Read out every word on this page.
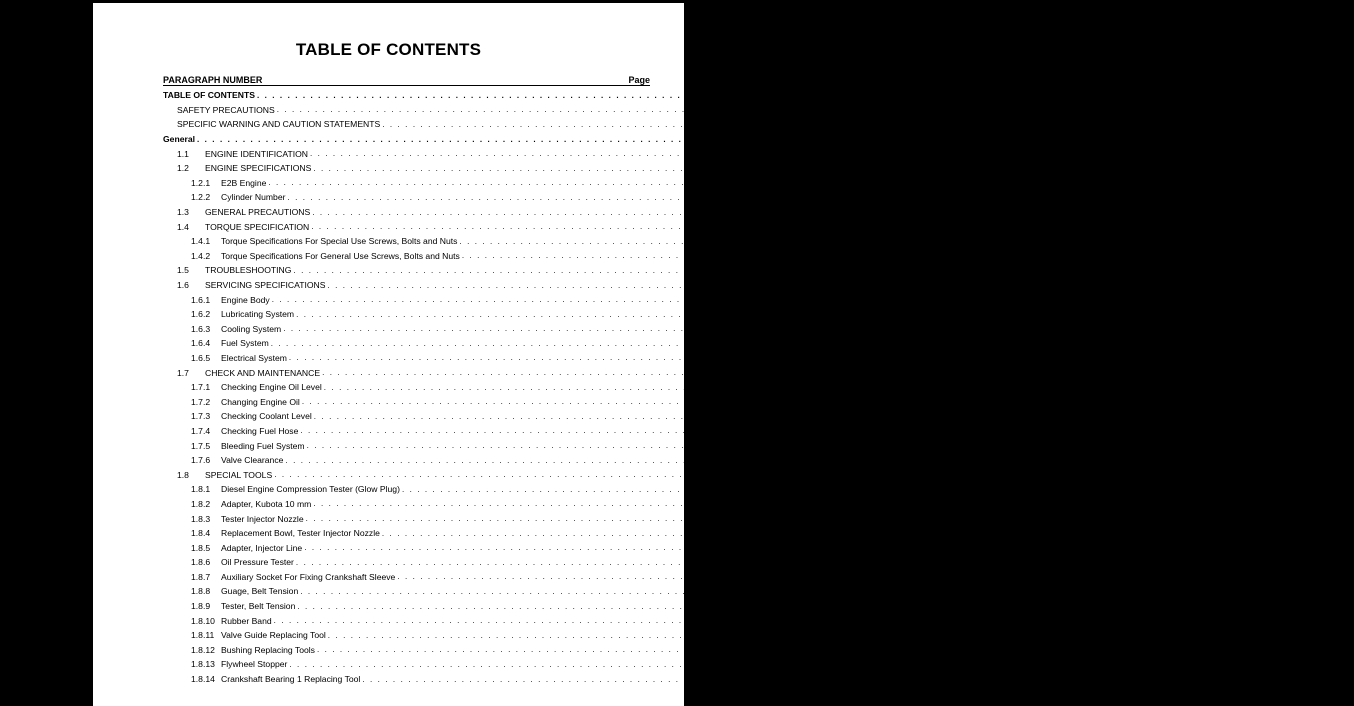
TABLE OF CONTENTS
PARAGRAPH NUMBER	Page
TABLE OF CONTENTS . . . . . . . . . . . . . . . . . . . . . . . . . . . . . . . . . . . . . . . . . . . . . . . . . . . . . . . . . . . . . . . . . . . . . . . . . . . . . . . . . . . . . . . . . . . . . . . . . . . . . . . . . . . . . . . . . . .	i
SAFETY PRECAUTIONS . . . . . . . . . . . . . . . . . . . . . . . . . . . . . . . . . . . . . . . . . . . . . . . . . . . . . . . . . . . . . . . . . . . . . . . . . . . . . . . . . . . . . . . . . . . . . . . . . . . . . . . . . . . . . . . . . . .	i
SPECIFIC WARNING AND CAUTION STATEMENTS . . . . . . . . . . . . . . . . . . . . . . . . . . . . . . . . . . . . . . . . . . . . . . . . . . . . . . . . . . . . . . . . . . . . . . . . . . . . . . . . . . . . . . . . . . . . . . . . . . . . . . . . . . . . . . . . . . .	i
General . . . . . . . . . . . . . . . . . . . . . . . . . . . . . . . . . . . . . . . . . . . . . . . . . . . . . . . . . . . . . . . . . . . . . . . . . . . . . . . . . . . . . . . . . . . . . . . . . . . . . . . . . . . . . . . . . . . 1–1
1.1	ENGINE IDENTIFICATION . . . . . . . . . . . . . . . . . . . . . . . . . . . . . . . . . . . . . . . . . . . . . . . . . . . . . . . . . . . . . . . . . . . . . . . . . . . . . . . . . . . . . . . . . . . . . . . . . . . . . . . . . . . . . . . . . . . 1–1
1.2	ENGINE SPECIFICATIONS . . . . . . . . . . . . . . . . . . . . . . . . . . . . . . . . . . . . . . . . . . . . . . . . . . . . . . . . . . . . . . . . . . . . . . . . . . . . . . . . . . . . . . . . . . . . . . . . . . . . . . . . . . . . . . . . . . . 1–2
1.2.1	E2B Engine . . . . . . . . . . . . . . . . . . . . . . . . . . . . . . . . . . . . . . . . . . . . . . . . . . . . . . . . . . . . . . . . . . . . . . . . . . . . . . . . . . . . . . . . . . . . . . . . . . . . . . . . . . . . . . . . . . . 1–3
1.2.2	Cylinder Number . . . . . . . . . . . . . . . . . . . . . . . . . . . . . . . . . . . . . . . . . . . . . . . . . . . . . . . . . . . . . . . . . . . . . . . . . . . . . . . . . . . . . . . . . . . . . . . . . . . . . . . . . . . . . . . . . . . 1–3
1.3	GENERAL PRECAUTIONS . . . . . . . . . . . . . . . . . . . . . . . . . . . . . . . . . . . . . . . . . . . . . . . . . . . . . . . . . . . . . . . . . . . . . . . . . . . . . . . . . . . . . . . . . . . . . . . . . . . . . . . . . . . . . . . . . . . 1–3
1.4	TORQUE SPECIFICATION . . . . . . . . . . . . . . . . . . . . . . . . . . . . . . . . . . . . . . . . . . . . . . . . . . . . . . . . . . . . . . . . . . . . . . . . . . . . . . . . . . . . . . . . . . . . . . . . . . . . . . . . . . . . . . . . . . . 1–4
1.4.1	Torque Specifications For Special Use Screws, Bolts and Nuts . . . . . . . . . . . . . . . . . . . . . . . . . . . . . . . . . . . . . . . . . . . . . . . . . . . . . . . . . . . . . . . . . . . . . . . . . . . . . . . . . . . . . . . . . . . . . . . . . . . . . . . . . . . . . . . . . . . 1–4
1.4.2	Torque Specifications For General Use Screws, Bolts and Nuts . . . . . . . . . . . . . . . . . . . . . . . . . . . . . . . . . . . . . . . . . . . . . . . . . . . . . . . . . . . . . . . . . . . . . . . . . . . . . . . . . . . . . . . . . . . . . . . . . . . . . . . . . . . . . . . . . . . 1–4
1.5	TROUBLESHOOTING . . . . . . . . . . . . . . . . . . . . . . . . . . . . . . . . . . . . . . . . . . . . . . . . . . . . . . . . . . . . . . . . . . . . . . . . . . . . . . . . . . . . . . . . . . . . . . . . . . . . . . . . . . . . . . . . . . . 1–5
1.6	SERVICING SPECIFICATIONS . . . . . . . . . . . . . . . . . . . . . . . . . . . . . . . . . . . . . . . . . . . . . . . . . . . . . . . . . . . . . . . . . . . . . . . . . . . . . . . . . . . . . . . . . . . . . . . . . . . . . . . . . . . . . . . . . . . 1–8
1.6.1	Engine Body . . . . . . . . . . . . . . . . . . . . . . . . . . . . . . . . . . . . . . . . . . . . . . . . . . . . . . . . . . . . . . . . . . . . . . . . . . . . . . . . . . . . . . . . . . . . . . . . . . . . . . . . . . . . . . . . . . . 1–8
1.6.2	Lubricating System . . . . . . . . . . . . . . . . . . . . . . . . . . . . . . . . . . . . . . . . . . . . . . . . . . . . . . . . . . . . . . . . . . . . . . . . . . . . . . . . . . . . . . . . . . . . . . . . . . . . . . . . . . . . . . . . . . . 1–11
1.6.3	Cooling System . . . . . . . . . . . . . . . . . . . . . . . . . . . . . . . . . . . . . . . . . . . . . . . . . . . . . . . . . . . . . . . . . . . . . . . . . . . . . . . . . . . . . . . . . . . . . . . . . . . . . . . . . . . . . . . . . . . 1–11
1.6.4	Fuel System . . . . . . . . . . . . . . . . . . . . . . . . . . . . . . . . . . . . . . . . . . . . . . . . . . . . . . . . . . . . . . . . . . . . . . . . . . . . . . . . . . . . . . . . . . . . . . . . . . . . . . . . . . . . . . . . . . . 1–11
1.6.5	Electrical System . . . . . . . . . . . . . . . . . . . . . . . . . . . . . . . . . . . . . . . . . . . . . . . . . . . . . . . . . . . . . . . . . . . . . . . . . . . . . . . . . . . . . . . . . . . . . . . . . . . . . . . . . . . . . . . . . . . 1–12
1.7	CHECK AND MAINTENANCE . . . . . . . . . . . . . . . . . . . . . . . . . . . . . . . . . . . . . . . . . . . . . . . . . . . . . . . . . . . . . . . . . . . . . . . . . . . . . . . . . . . . . . . . . . . . . . . . . . . . . . . . . . . . . . . . . . . 1–12
1.7.1	Checking Engine Oil Level . . . . . . . . . . . . . . . . . . . . . . . . . . . . . . . . . . . . . . . . . . . . . . . . . . . . . . . . . . . . . . . . . . . . . . . . . . . . . . . . . . . . . . . . . . . . . . . . . . . . . . . . . . . . . . . . . . . 1–12
1.7.2	Changing Engine Oil . . . . . . . . . . . . . . . . . . . . . . . . . . . . . . . . . . . . . . . . . . . . . . . . . . . . . . . . . . . . . . . . . . . . . . . . . . . . . . . . . . . . . . . . . . . . . . . . . . . . . . . . . . . . . . . . . . . 1–12
1.7.3	Checking Coolant Level . . . . . . . . . . . . . . . . . . . . . . . . . . . . . . . . . . . . . . . . . . . . . . . . . . . . . . . . . . . . . . . . . . . . . . . . . . . . . . . . . . . . . . . . . . . . . . . . . . . . . . . . . . . . . . . . . . . 1–12
1.7.4	Checking Fuel Hose . . . . . . . . . . . . . . . . . . . . . . . . . . . . . . . . . . . . . . . . . . . . . . . . . . . . . . . . . . . . . . . . . . . . . . . . . . . . . . . . . . . . . . . . . . . . . . . . . . . . . . . . . . . . . . . . . . . 1–12
1.7.5	Bleeding Fuel System . . . . . . . . . . . . . . . . . . . . . . . . . . . . . . . . . . . . . . . . . . . . . . . . . . . . . . . . . . . . . . . . . . . . . . . . . . . . . . . . . . . . . . . . . . . . . . . . . . . . . . . . . . . . . . . . . . . 1–12
1.7.6	Valve Clearance . . . . . . . . . . . . . . . . . . . . . . . . . . . . . . . . . . . . . . . . . . . . . . . . . . . . . . . . . . . . . . . . . . . . . . . . . . . . . . . . . . . . . . . . . . . . . . . . . . . . . . . . . . . . . . . . . . . 1–13
1.8	SPECIAL TOOLS . . . . . . . . . . . . . . . . . . . . . . . . . . . . . . . . . . . . . . . . . . . . . . . . . . . . . . . . . . . . . . . . . . . . . . . . . . . . . . . . . . . . . . . . . . . . . . . . . . . . . . . . . . . . . . . . . . . 1–14
1.8.1	Diesel Engine Compression Tester (Glow Plug) . . . . . . . . . . . . . . . . . . . . . . . . . . . . . . . . . . . . . . . . . . . . . . . . . . . . . . . . . . . . . . . . . . . . . . . . . . . . . . . . . . . . . . . . . . . . . . . . . . . . . . . . . . . . . . . . . . . 1–14
1.8.2	Adapter, Kubota 10 mm . . . . . . . . . . . . . . . . . . . . . . . . . . . . . . . . . . . . . . . . . . . . . . . . . . . . . . . . . . . . . . . . . . . . . . . . . . . . . . . . . . . . . . . . . . . . . . . . . . . . . . . . . . . . . . . . . . . 1–14
1.8.3	Tester Injector Nozzle . . . . . . . . . . . . . . . . . . . . . . . . . . . . . . . . . . . . . . . . . . . . . . . . . . . . . . . . . . . . . . . . . . . . . . . . . . . . . . . . . . . . . . . . . . . . . . . . . . . . . . . . . . . . . . . . . . . 1–14
1.8.4	Replacement Bowl, Tester Injector Nozzle . . . . . . . . . . . . . . . . . . . . . . . . . . . . . . . . . . . . . . . . . . . . . . . . . . . . . . . . . . . . . . . . . . . . . . . . . . . . . . . . . . . . . . . . . . . . . . . . . . . . . . . . . . . . . . . . . . . 1–14
1.8.5	Adapter, Injector Line . . . . . . . . . . . . . . . . . . . . . . . . . . . . . . . . . . . . . . . . . . . . . . . . . . . . . . . . . . . . . . . . . . . . . . . . . . . . . . . . . . . . . . . . . . . . . . . . . . . . . . . . . . . . . . . . . . . 1–14
1.8.6	Oil Pressure Tester . . . . . . . . . . . . . . . . . . . . . . . . . . . . . . . . . . . . . . . . . . . . . . . . . . . . . . . . . . . . . . . . . . . . . . . . . . . . . . . . . . . . . . . . . . . . . . . . . . . . . . . . . . . . . . . . . . . 1–15
1.8.7	Auxiliary Socket For Fixing Crankshaft Sleeve . . . . . . . . . . . . . . . . . . . . . . . . . . . . . . . . . . . . . . . . . . . . . . . . . . . . . . . . . . . . . . . . . . . . . . . . . . . . . . . . . . . . . . . . . . . . . . . . . . . . . . . . . . . . . . . . . . . 1–15
1.8.8	Guage, Belt Tension . . . . . . . . . . . . . . . . . . . . . . . . . . . . . . . . . . . . . . . . . . . . . . . . . . . . . . . . . . . . . . . . . . . . . . . . . . . . . . . . . . . . . . . . . . . . . . . . . . . . . . . . . . . . . . . . . . . 1–15
1.8.9	Tester, Belt Tension . . . . . . . . . . . . . . . . . . . . . . . . . . . . . . . . . . . . . . . . . . . . . . . . . . . . . . . . . . . . . . . . . . . . . . . . . . . . . . . . . . . . . . . . . . . . . . . . . . . . . . . . . . . . . . . . . . . 1–15
1.8.10 Rubber Band . . . . . . . . . . . . . . . . . . . . . . . . . . . . . . . . . . . . . . . . . . . . . . . . . . . . . . . . . . . . . . . . . . . . . . . . . . . . . . . . . . . . . . . . . . . . . . . . . . . . . . . . . . . . . . . . . . . 1–15
1.8.11 Valve Guide Replacing Tool . . . . . . . . . . . . . . . . . . . . . . . . . . . . . . . . . . . . . . . . . . . . . . . . . . . . . . . . . . . . . . . . . . . . . . . . . . . . . . . . . . . . . . . . . . . . . . . . . . . . . . . . . . . . . . . . . . . 1–16
1.8.12 Bushing Replacing Tools . . . . . . . . . . . . . . . . . . . . . . . . . . . . . . . . . . . . . . . . . . . . . . . . . . . . . . . . . . . . . . . . . . . . . . . . . . . . . . . . . . . . . . . . . . . . . . . . . . . . . . . . . . . . . . . . . . . 1–16
1.8.13 Flywheel Stopper . . . . . . . . . . . . . . . . . . . . . . . . . . . . . . . . . . . . . . . . . . . . . . . . . . . . . . . . . . . . . . . . . . . . . . . . . . . . . . . . . . . . . . . . . . . . . . . . . . . . . . . . . . . . . . . . . . . 1–16
1.8.14 Crankshaft Bearing 1 Replacing Tool . . . . . . . . . . . . . . . . . . . . . . . . . . . . . . . . . . . . . . . . . . . . . . . . . . . . . . . . . . . . . . . . . . . . . . . . . . . . . . . . . . . . . . . . . . . . . . . . . . . . . . . . . . . . . . . . . . . 1–17
